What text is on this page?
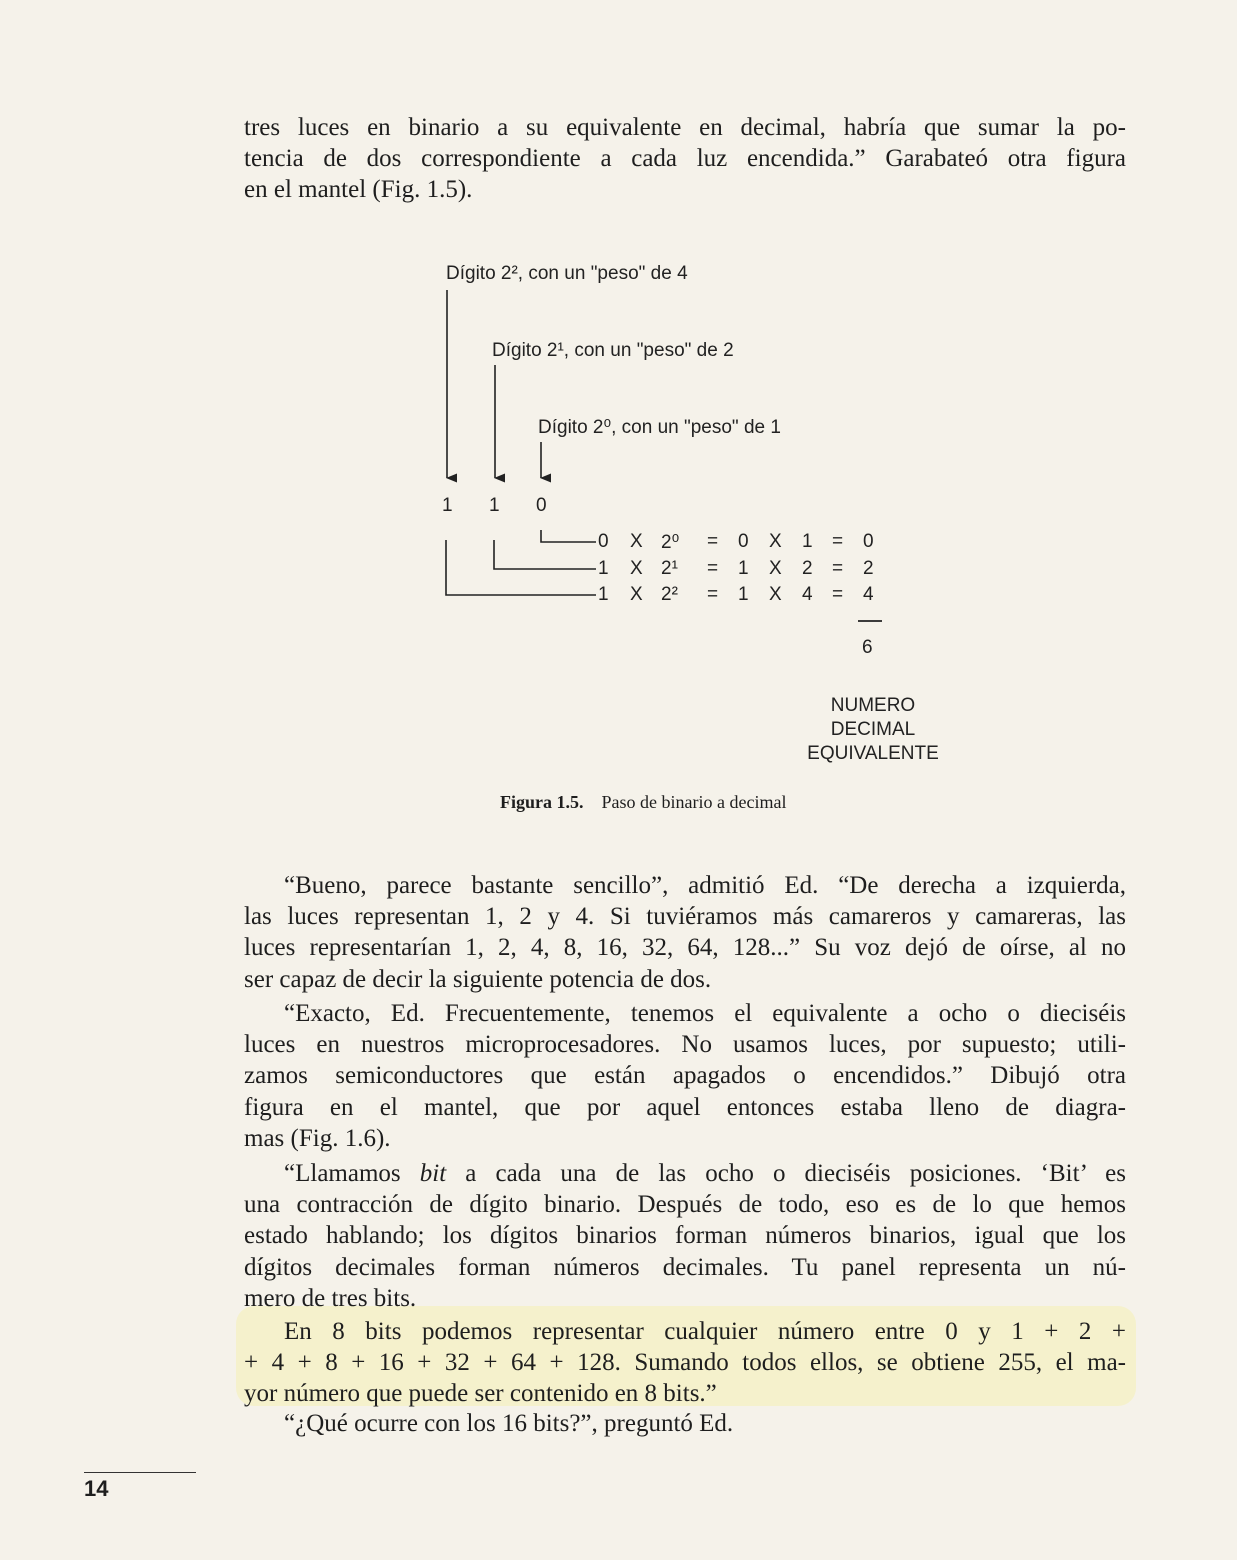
tres luces en binario a su equivalente en decimal, habría que sumar la po-
tencia de dos correspondiente a cada luz encendida.” Garabateó otra figura
en el mantel (Fig. 1.5).
Dígito 2², con un "peso" de 4
Dígito 2¹, con un "peso" de 2
Dígito 2⁰, con un "peso" de 1
1 1 0
0 X 2⁰ = 0 X 1 = 0
1 X 2¹ = 1 X 2 = 2
1 X 2² = 1 X 4 = 4
6
NUMERO
DECIMAL
EQUIVALENTE
Figura 1.5. Paso de binario a decimal
“Bueno, parece bastante sencillo”, admitió Ed. “De derecha a izquierda,
las luces representan 1, 2 y 4. Si tuviéramos más camareros y camareras, las
luces representarían 1, 2, 4, 8, 16, 32, 64, 128...” Su voz dejó de oírse, al no
ser capaz de decir la siguiente potencia de dos.
“Exacto, Ed. Frecuentemente, tenemos el equivalente a ocho o dieciséis
luces en nuestros microprocesadores. No usamos luces, por supuesto; utili-
zamos semiconductores que están apagados o encendidos.” Dibujó otra
figura en el mantel, que por aquel entonces estaba lleno de diagra-
mas (Fig. 1.6).
“Llamamos bit a cada una de las ocho o dieciséis posiciones. ‘Bit’ es
una contracción de dígito binario. Después de todo, eso es de lo que hemos
estado hablando; los dígitos binarios forman números binarios, igual que los
dígitos decimales forman números decimales. Tu panel representa un nú-
mero de tres bits.
En 8 bits podemos representar cualquier número entre 0 y 1 + 2 +
+ 4 + 8 + 16 + 32 + 64 + 128. Sumando todos ellos, se obtiene 255, el ma-
yor número que puede ser contenido en 8 bits.”
“¿Qué ocurre con los 16 bits?”, preguntó Ed.
14
